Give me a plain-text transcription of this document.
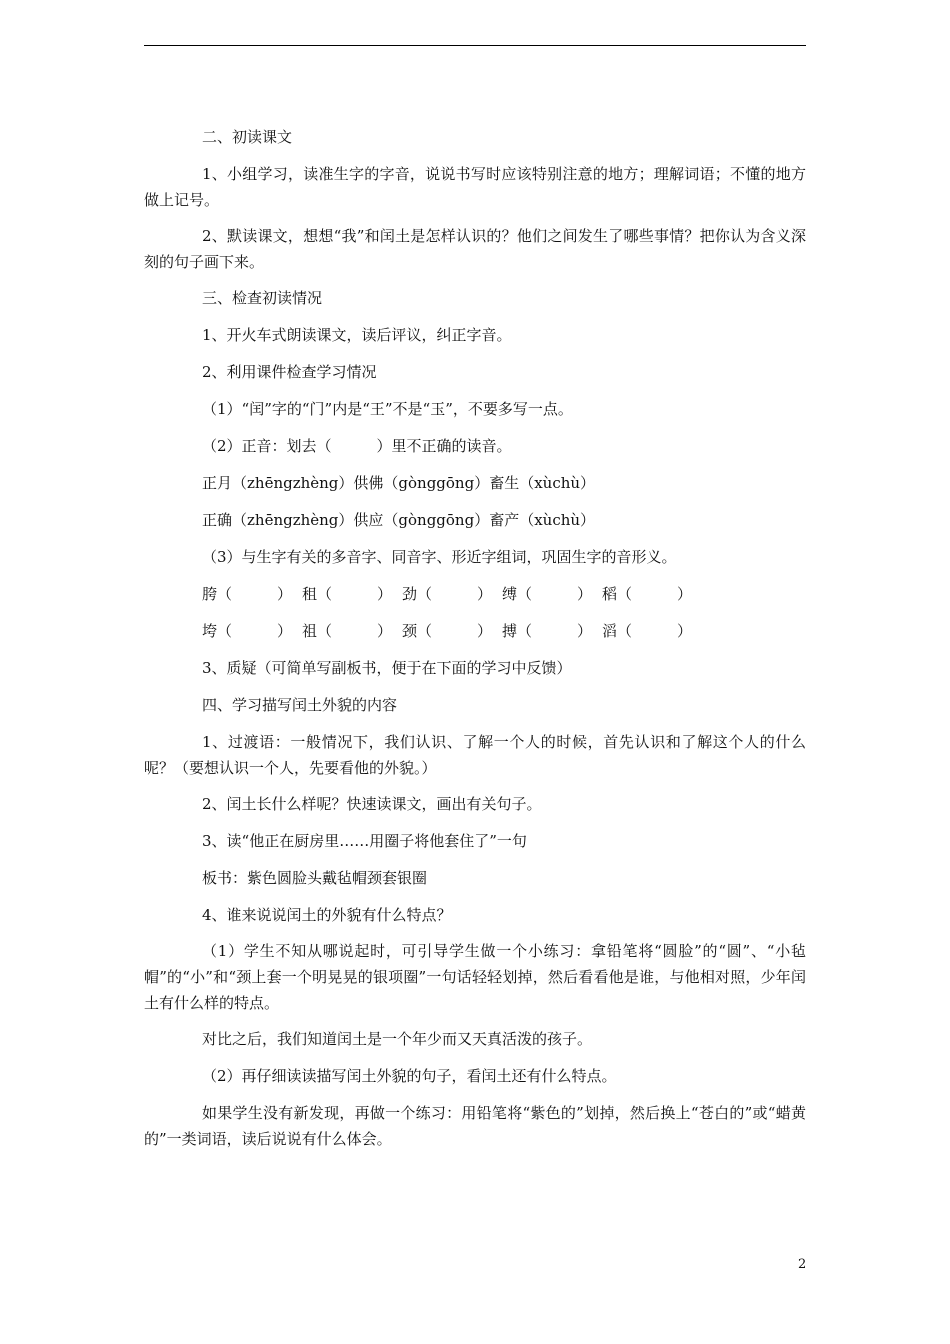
二、初读课文
1、小组学习，读准生字的字音，说说书写时应该特别注意的地方；理解词语；不懂的地方做上记号。
2、默读课文，想想“我”和闰土是怎样认识的？他们之间发生了哪些事情？把你认为含义深刻的句子画下来。
三、检查初读情况
1、开火车式朗读课文，读后评议，纠正字音。
2、利用课件检查学习情况
（1）“闰”字的“门”内是“王”不是“玉”，不要多写一点。
（2）正音：划去（　　　）里不正确的读音。
正月（zhēngzhèng）供佛（gònggōng）畜生（xùchù）
正确（zhēngzhèng）供应（gònggōng）畜产（xùchù）
（3）与生字有关的多音字、同音字、形近字组词，巩固生字的音形义。
胯（　　　） 租（　　　） 劲（　　　） 缚（　　　） 稻（　　　）
垮（　　　） 祖（　　　） 颈（　　　） 搏（　　　） 滔（　　　）
3、质疑（可简单写副板书，便于在下面的学习中反馈）
四、学习描写闰土外貌的内容
1、过渡语：一般情况下，我们认识、了解一个人的时候，首先认识和了解这个人的什么呢？（要想认识一个人，先要看他的外貌。）
2、闰土长什么样呢？快速读课文，画出有关句子。
3、读“他正在厨房里……用圈子将他套住了”一句
板书：紫色圆脸头戴毡帽颈套银圈
4、谁来说说闰土的外貌有什么特点？
（1）学生不知从哪说起时，可引导学生做一个小练习：拿铅笔将“圆脸”的“圆”、“小毡帽”的“小”和“颈上套一个明晃晃的银项圈”一句话轻轻划掉，然后看看他是谁，与他相对照，少年闰土有什么样的特点。
对比之后，我们知道闰土是一个年少而又天真活泼的孩子。
（2）再仔细读读描写闰土外貌的句子，看闰土还有什么特点。
如果学生没有新发现，再做一个练习：用铅笔将“紫色的”划掉，然后换上“苍白的”或“蜡黄的”一类词语，读后说说有什么体会。
2
